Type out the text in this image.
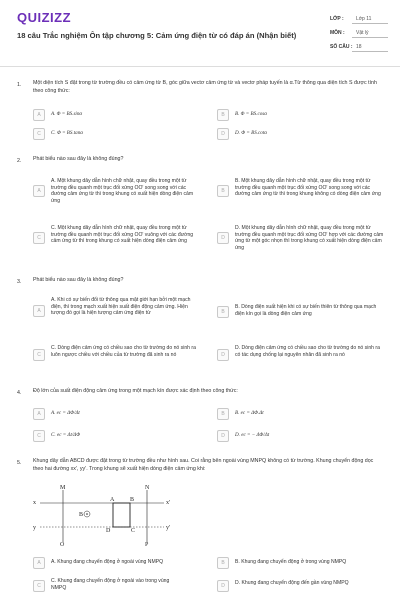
QUIZIZZ
18 câu Trắc nghiệm Ôn tập chương 5: Cảm ứng điện từ có đáp án (Nhận biết)
LỚP : Lớp 11
MÔN : Vật lý
SỐ CÂU : 18
1. Một diện tích S đặt trong từ trường đều có cảm ứng từ B, góc giữa vectơ cảm ứng từ và vectơ pháp tuyến là α.Từ thông qua diện tích S được tính theo công thức:
A	A. Φ = BS.sinα	B	B. Φ = BS.cosα
C	C. Φ = BS.tanα	D	D. Φ = BS.cotα
2. Phát biểu nào sau đây là không đúng?
A
A. Một khung dây dẫn hình chữ nhật, quay đều trong một từ trường đều quanh một trục đối xứng OO' song song với các đường cảm ứng từ thì trong khung có xuất hiện dòng điện cảm ứng
B
B. Một khung dây dẫn hình chữ nhật, quay đều trong một từ trường đều quanh một trục đối xứng OO' song song với các đường cảm ứng từ thì trong khung không có dòng điện cảm ứng
C
C. Một khung dây dẫn hình chữ nhật, quay đều trong một từ trường đều quanh một trục đối xứng OO' vuông với các đường cảm ứng từ thì trong khung có xuất hiện dòng điện cảm ứng	D
D. Một khung dây dẫn hình chữ nhật, quay đều trong một từ trường đều quanh một trục đối xứng OO' hợp với các đường cảm ứng từ một góc nhọn thì trong khung có xuất hiện dòng điện cảm ứng
3. Phát biểu nào sau đây là không đúng?
A
A. Khi có sự biến đổi từ thông qua mặt giới hạn bởi một mạch điện, thì trong mạch xuất hiện suất điện động cảm ứng. Hiện tượng đó gọi là hiện tượng cảm ứng điện từ	B
B. Dòng điện xuất hiện khi có sự biến thiên từ thông qua mạch điện kín gọi là dòng điện cảm ứng
C
C. Dòng điện cảm ứng có chiều sao cho từ trường do nó sinh ra luôn ngược chiều với chiều của từ trường đã sinh ra nó	D
D. Dòng điện cảm ứng có chiều sao cho từ trường do nó sinh ra có tác dụng chống lại nguyên nhân đã sinh ra nó
4. Độ lớn của suất điện động cảm ứng trong một mạch kín được xác định theo công thức:
A	A. ec = ΔΦ/Δt	B	B. ec = ΔΦ.Δt
C	C. ec = Δt/ΔΦ	D	D. ec = − ΔΦ/Δt
5. Khung dây dẫn ABCD được đặt trong từ trường đều như hình sau. Coi rằng bên ngoài vùng MNPQ không có từ trường. Khung chuyển động dọc theo hai đường xx', yy'. Trong khung sẽ xuất hiện dòng điện cảm ứng khi:
M	N
Q	P
A	B
C
D
x	x'
y	y'
B
A	A. Khung đang chuyển động ở ngoài vùng NMPQ	B	B. Khung đang chuyển động ở trong vùng NMPQ
C
C. Khung đang chuyển động ở ngoài vào trong vùng NMPQ	D	D. Khung đang chuyển động đến gần vùng NMPQ
